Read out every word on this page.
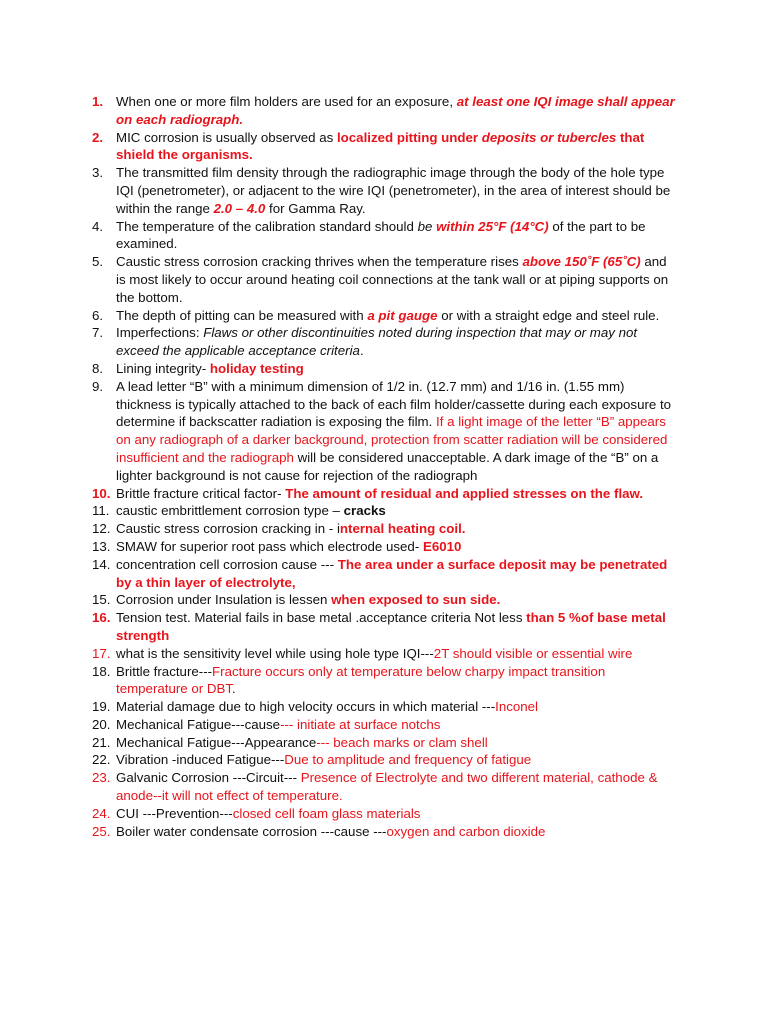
1. When one or more film holders are used for an exposure, at least one IQI image shall appear on each radiograph.
2. MIC corrosion is usually observed as localized pitting under deposits or tubercles that shield the organisms.
3. The transmitted film density through the radiographic image through the body of the hole type IQI (penetrometer), or adjacent to the wire IQI (penetrometer), in the area of interest should be within the range 2.0 – 4.0 for Gamma Ray.
4. The temperature of the calibration standard should be within 25°F (14°C) of the part to be examined.
5. Caustic stress corrosion cracking thrives when the temperature rises above 150˚F (65˚C) and is most likely to occur around heating coil connections at the tank wall or at piping supports on the bottom.
6. The depth of pitting can be measured with a pit gauge or with a straight edge and steel rule.
7. Imperfections: Flaws or other discontinuities noted during inspection that may or may not exceed the applicable acceptance criteria.
8. Lining integrity- holiday testing
9. A lead letter “B” with a minimum dimension of 1/2 in. (12.7 mm) and 1/16 in. (1.55 mm) thickness is typically attached to the back of each film holder/cassette during each exposure to determine if backscatter radiation is exposing the film. If a light image of the letter “B” appears on any radiograph of a darker background, protection from scatter radiation will be considered insufficient and the radiograph will be considered unacceptable. A dark image of the “B” on a lighter background is not cause for rejection of the radiograph
10. Brittle fracture critical factor- The amount of residual and applied stresses on the flaw.
11. caustic embrittlement corrosion type – cracks
12. Caustic stress corrosion cracking in - internal heating coil.
13. SMAW for superior root pass which electrode used- E6010
14. concentration cell corrosion cause --- The area under a surface deposit may be penetrated by a thin layer of electrolyte,
15. Corrosion under Insulation is lessen when exposed to sun side.
16. Tension test. Material fails in base metal .acceptance criteria Not less than 5 %of base metal strength
17. what is the sensitivity level while using hole type IQI---2T should visible or essential wire
18. Brittle fracture---Fracture occurs only at temperature below charpy impact transition temperature or DBT.
19. Material damage due to high velocity occurs in which material ---Inconel
20. Mechanical Fatigue---cause--- initiate at surface notchs
21. Mechanical Fatigue---Appearance--- beach marks or clam shell
22. Vibration -induced Fatigue---Due to amplitude and frequency of fatigue
23. Galvanic Corrosion ---Circuit--- Presence of Electrolyte and two different material, cathode & anode--it will not effect of temperature.
24. CUI ---Prevention---closed cell foam glass materials
25. Boiler water condensate corrosion ---cause ---oxygen and carbon dioxide
